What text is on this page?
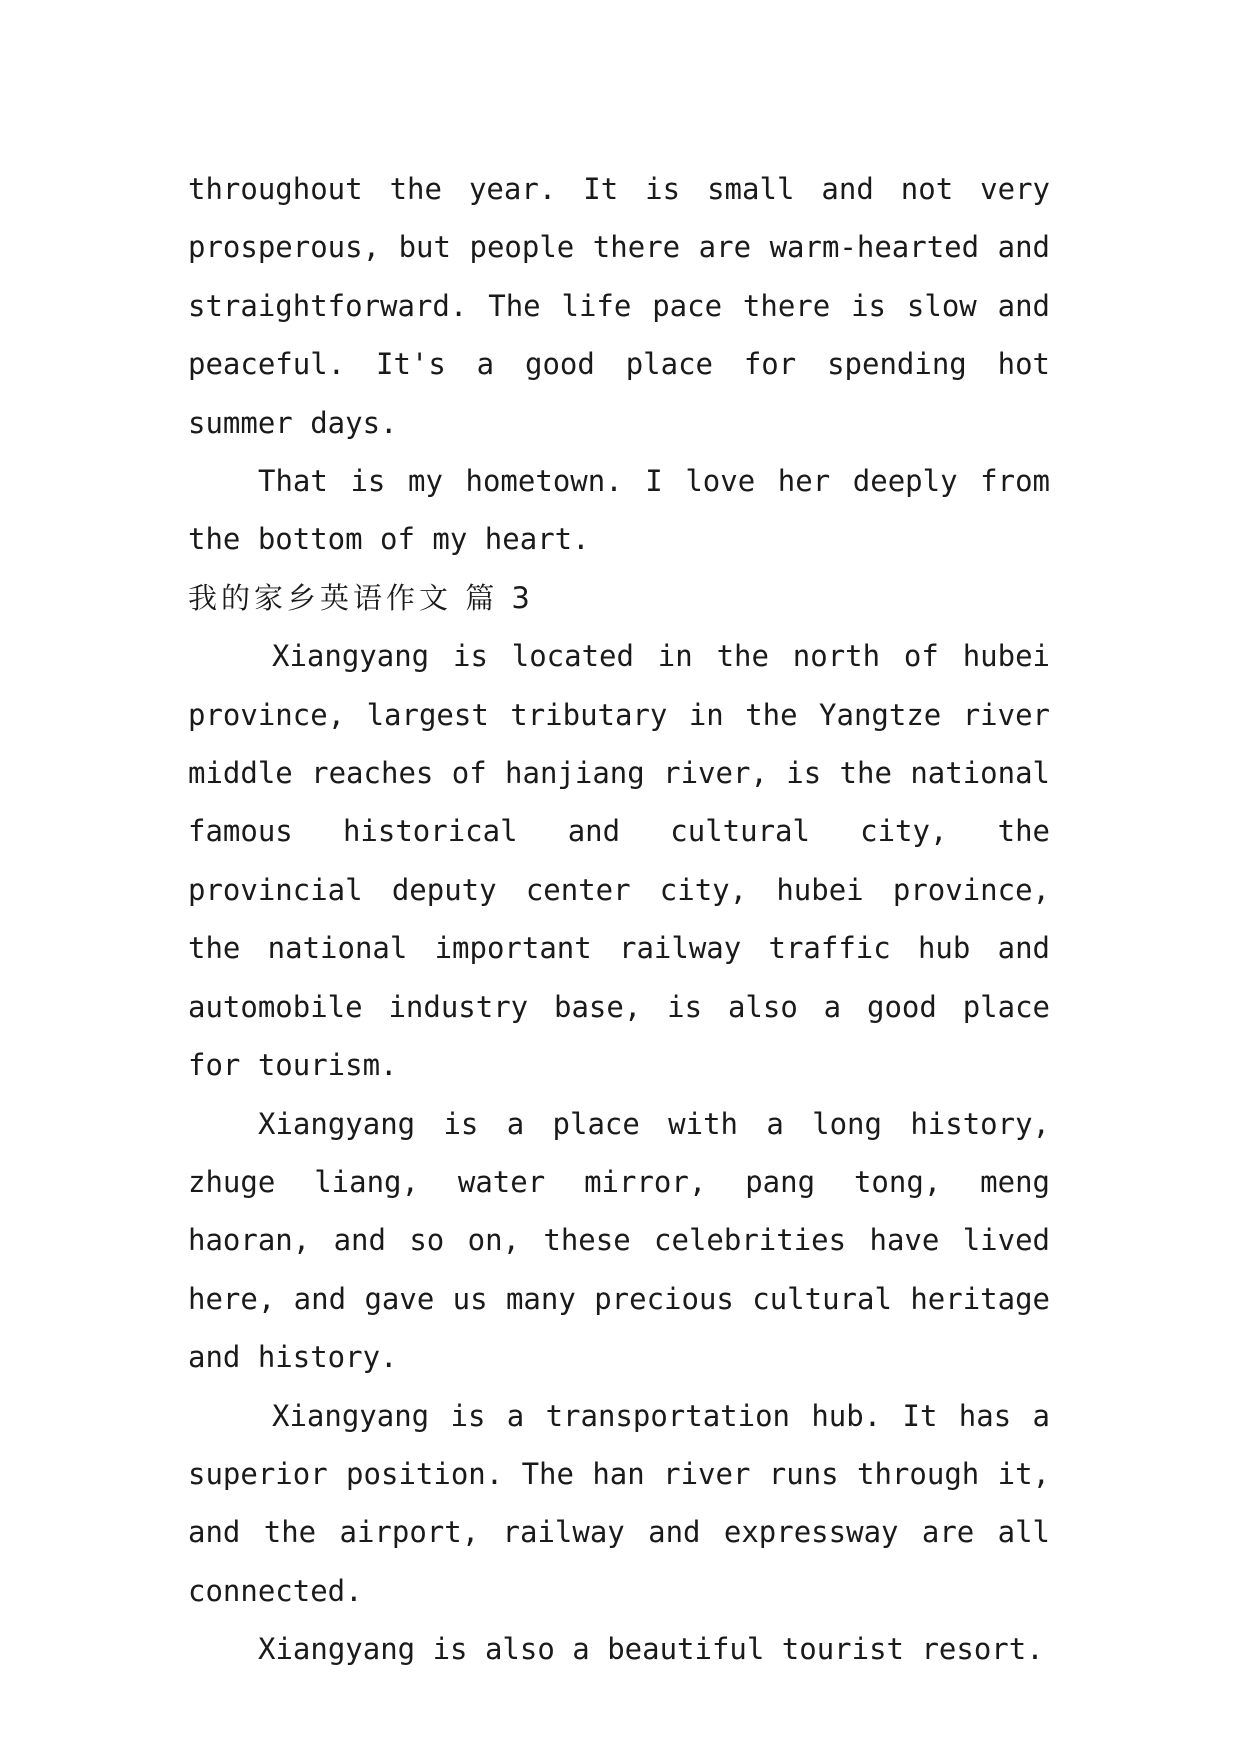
throughout the year. It is small and not very prosperous, but people there are warm-hearted and straightforward. The life pace there is slow and peaceful. It's a good place for spending hot summer days.

That is my hometown. I love her deeply from the bottom of my heart.

我的家乡英语作文 篇 3

Xiangyang is located in the north of hubei province, largest tributary in the Yangtze river middle reaches of hanjiang river, is the national famous historical and cultural city, the provincial deputy center city, hubei province, the national important railway traffic hub and automobile industry base, is also a good place for tourism.

Xiangyang is a place with a long history, zhuge liang, water mirror, pang tong, meng haoran, and so on, these celebrities have lived here, and gave us many precious cultural heritage and history.

Xiangyang is a transportation hub. It has a superior position. The han river runs through it, and the airport, railway and expressway are all connected.

Xiangyang is also a beautiful tourist resort.
